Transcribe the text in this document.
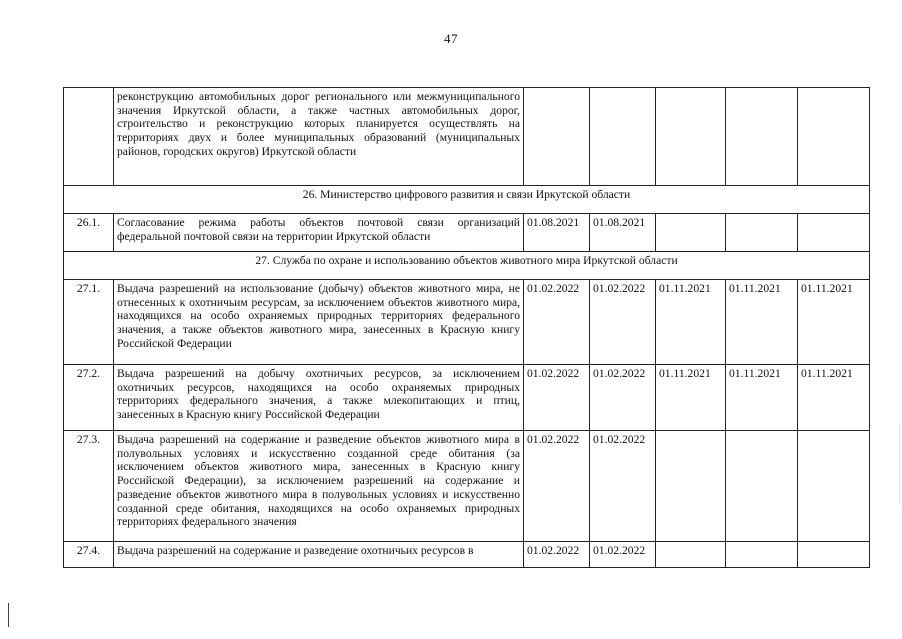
47
	реконструкцию автомобильных дорог регионального или межмуниципального значения Иркутской области, а также частных автомобильных дорог, строительство и реконструкцию которых планируется осуществлять на территориях двух и более муниципальных образований (муниципальных районов, городских округов) Иркутской области					
26. Министерство цифрового развития и связи Иркутской области						
26.1.	Согласование режима работы объектов почтовой связи организаций федеральной почтовой связи на территории Иркутской области	01.08.2021	01.08.2021			
27. Служба по охране и использованию объектов животного мира Иркутской области						
27.1.	Выдача разрешений на использование (добычу) объектов животного мира, не отнесенных к охотничьим ресурсам, за исключением объектов животного мира, находящихся на особо охраняемых природных территориях федерального значения, а также объектов животного мира, занесенных в Красную книгу Российской Федерации	01.02.2022	01.02.2022	01.11.2021	01.11.2021	01.11.2021
27.2.	Выдача разрешений на добычу охотничьих ресурсов, за исключением охотничьих ресурсов, находящихся на особо охраняемых природных территориях федерального значения, а также млекопитающих и птиц, занесенных в Красную книгу Российской Федерации	01.02.2022	01.02.2022	01.11.2021	01.11.2021	01.11.2021
27.3.	Выдача разрешений на содержание и разведение объектов животного мира в полувольных условиях и искусственно созданной среде обитания (за исключением объектов животного мира, занесенных в Красную книгу Российской Федерации), за исключением разрешений на содержание и разведение объектов животного мира в полувольных условиях и искусственно созданной среде обитания, находящихся на особо охраняемых природных территориях федерального значения	01.02.2022	01.02.2022			
27.4.	Выдача разрешений на содержание и разведение охотничьих ресурсов в	01.02.2022	01.02.2022			
